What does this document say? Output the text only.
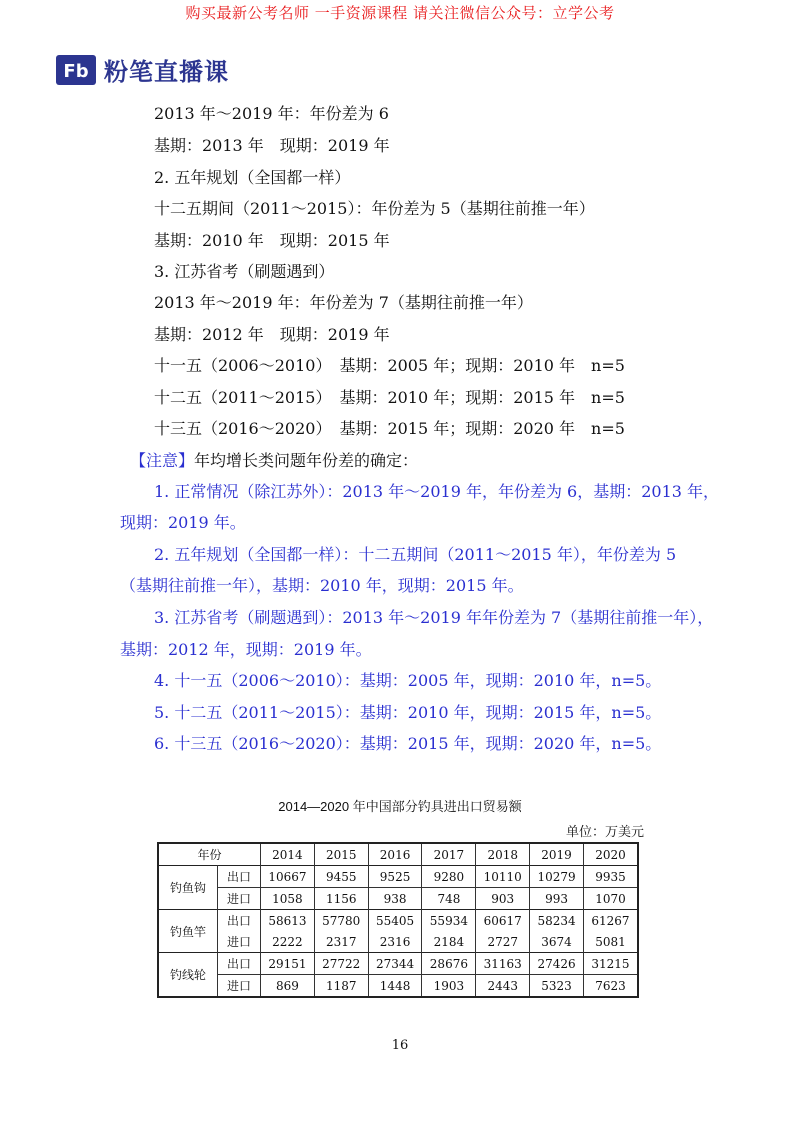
购买最新公考名师 一手资源课程 请关注微信公众号：立学公考
Fb 粉笔直播课
2013 年～2019 年：年份差为 6
基期：2013 年　现期：2019 年
2. 五年规划（全国都一样）
十二五期间（2011～2015）：年份差为 5（基期往前推一年）
基期：2010 年　现期：2015 年
3. 江苏省考（刷题遇到）
2013 年～2019 年：年份差为 7（基期往前推一年）
基期：2012 年　现期：2019 年
十一五（2006～2010）　基期：2005 年；现期：2010 年　n=5
十二五（2011～2015）　基期：2010 年；现期：2015 年　n=5
十三五（2016～2020）　基期：2015 年；现期：2020 年　n=5
【注意】年均增长类问题年份差的确定：
1. 正常情况（除江苏外）：2013 年～2019 年，年份差为 6，基期：2013 年，
现期：2019 年。
2. 五年规划（全国都一样）：十二五期间（2011～2015 年），年份差为 5
（基期往前推一年），基期：2010 年，现期：2015 年。
3. 江苏省考（刷题遇到）：2013 年～2019 年年份差为 7（基期往前推一年），
基期：2012 年，现期：2019 年。
4. 十一五（2006～2010）：基期：2005 年，现期：2010 年，n=5。
5. 十二五（2011～2015）：基期：2010 年，现期：2015 年，n=5。
6. 十三五（2016～2020）：基期：2015 年，现期：2020 年，n=5。
2014—2020 年中国部分钓具进出口贸易额
单位：万美元
年份		2014	2015	2016	2017	2018	2019	2020
钓鱼钩	出口	10667	9455	9525	9280	10110	10279	9935
	进口	1058	1156	938	748	903	993	1070
钓鱼竿	出口	58613	57780	55405	55934	60617	58234	61267
	进口	2222	2317	2316	2184	2727	3674	5081
钓线轮	出口	29151	27722	27344	28676	31163	27426	31215
	进口	869	1187	1448	1903	2443	5323	7623
16
